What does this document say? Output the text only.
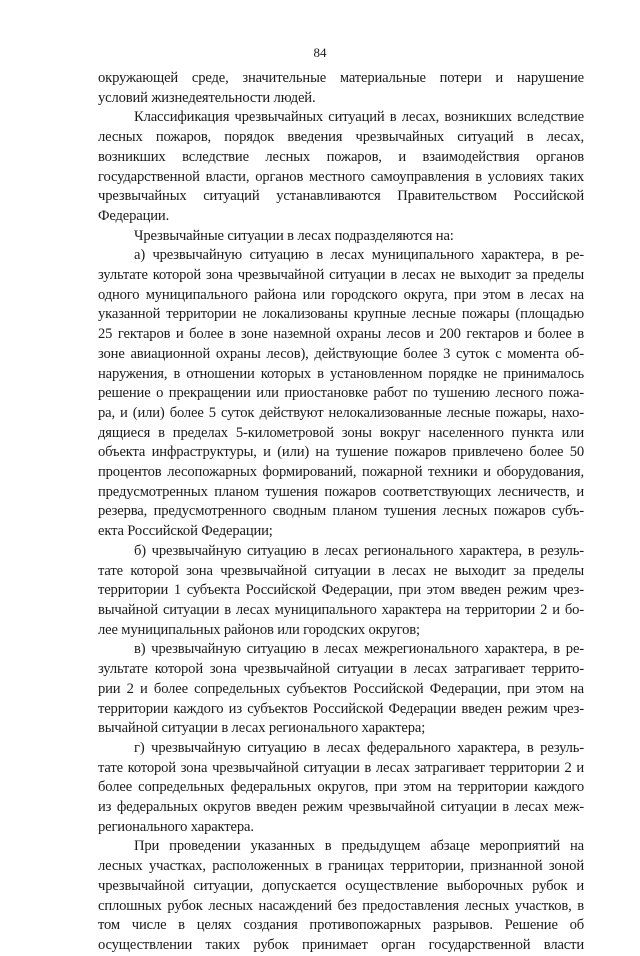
84
окружающей среде, значительные материальные потери и нарушение
условий жизнедеятельности людей.
Классификация чрезвычайных ситуаций в лесах, возникших вследствие
лесных пожаров, порядок введения чрезвычайных ситуаций в лесах,
возникших вследствие лесных пожаров, и взаимодействия органов
государственной власти, органов местного самоуправления в условиях таких
чрезвычайных ситуаций устанавливаются Правительством Российской
Федерации.
Чрезвычайные ситуации в лесах подразделяются на:
а) чрезвычайную ситуацию в лесах муниципального характера, в ре-
зультате которой зона чрезвычайной ситуации в лесах не выходит за пределы
одного муниципального района или городского округа, при этом в лесах на
указанной территории не локализованы крупные лесные пожары (площадью
25 гектаров и более в зоне наземной охраны лесов и 200 гектаров и более в
зоне авиационной охраны лесов), действующие более 3 суток с момента об-
наружения, в отношении которых в установленном порядке не принималось
решение о прекращении или приостановке работ по тушению лесного пожа-
ра, и (или) более 5 суток действуют нелокализованные лесные пожары, нахо-
дящиеся в пределах 5-километровой зоны вокруг населенного пункта или
объекта инфраструктуры, и (или) на тушение пожаров привлечено более 50
процентов лесопожарных формирований, пожарной техники и оборудования,
предусмотренных планом тушения пожаров соответствующих лесничеств, и
резерва, предусмотренного сводным планом тушения лесных пожаров субъ-
екта Российской Федерации;
б) чрезвычайную ситуацию в лесах регионального характера, в резуль-
тате которой зона чрезвычайной ситуации в лесах не выходит за пределы
территории 1 субъекта Российской Федерации, при этом введен режим чрез-
вычайной ситуации в лесах муниципального характера на территории 2 и бо-
лее муниципальных районов или городских округов;
в) чрезвычайную ситуацию в лесах межрегионального характера, в ре-
зультате которой зона чрезвычайной ситуации в лесах затрагивает террито-
рии 2 и более сопредельных субъектов Российской Федерации, при этом на
территории каждого из субъектов Российской Федерации введен режим чрез-
вычайной ситуации в лесах регионального характера;
г) чрезвычайную ситуацию в лесах федерального характера, в резуль-
тате которой зона чрезвычайной ситуации в лесах затрагивает территории 2 и
более сопредельных федеральных округов, при этом на территории каждого
из федеральных округов введен режим чрезвычайной ситуации в лесах меж-
регионального характера.
При проведении указанных в предыдущем абзаце мероприятий на
лесных участках, расположенных в границах территории, признанной зоной
чрезвычайной ситуации, допускается осуществление выборочных рубок и
сплошных рубок лесных насаждений без предоставления лесных участков, в
том числе в целях создания противопожарных разрывов. Решение об
осуществлении таких рубок принимает орган государственной власти
